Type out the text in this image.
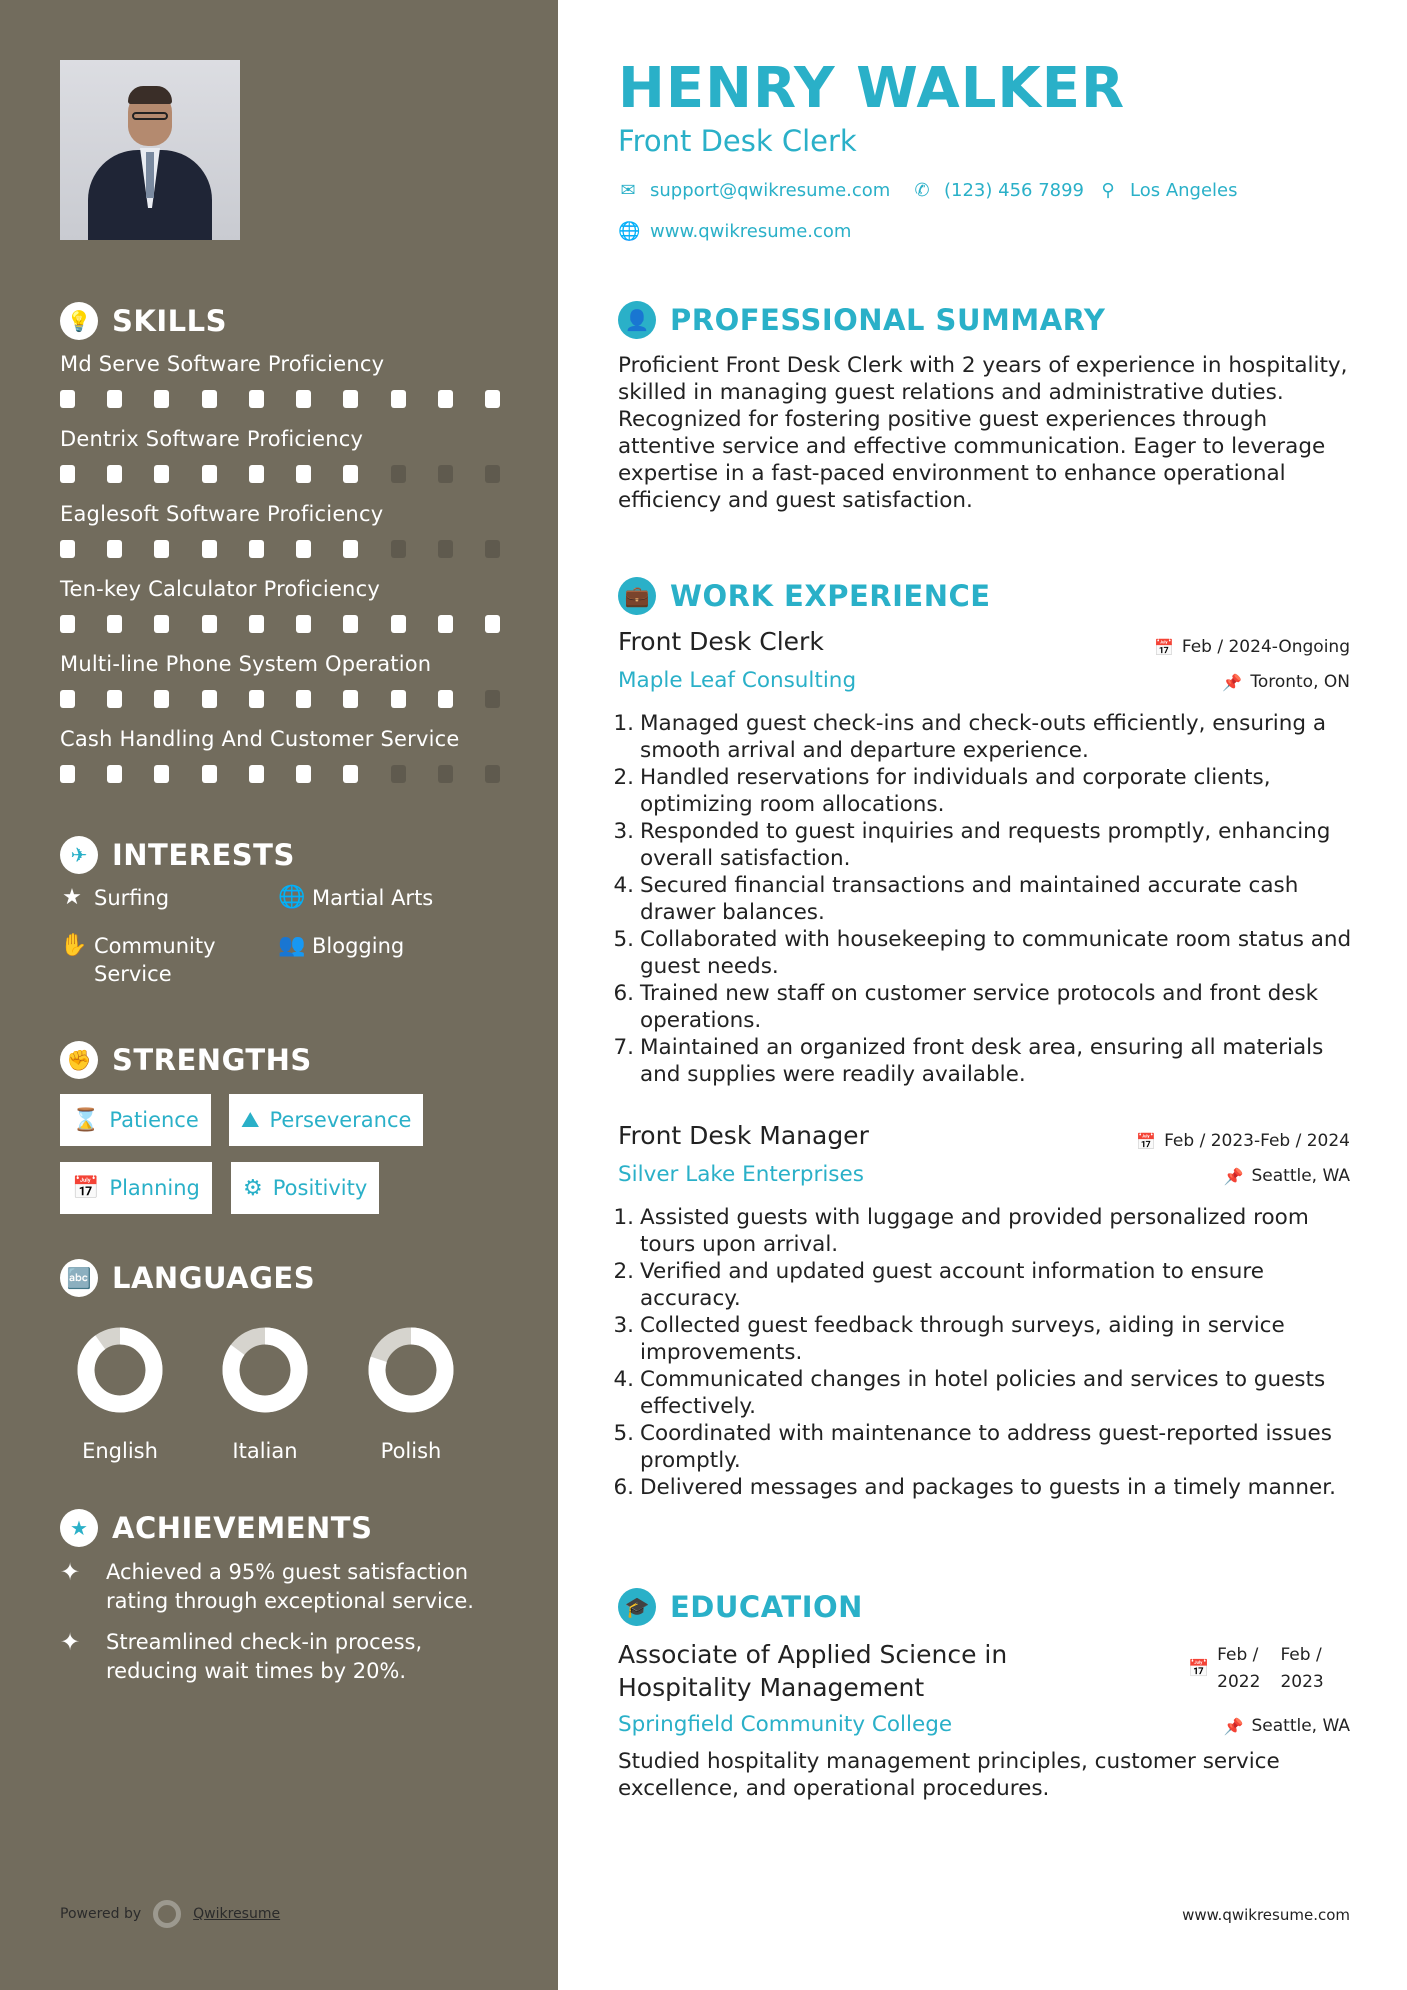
💡 SKILLS
Md Serve Software Proficiency
Dentrix Software Proficiency
Eaglesoft Software Proficiency
Ten-key Calculator Proficiency
Multi-line Phone System Operation
Cash Handling And Customer Service
✈ INTERESTS
★ Surfing	🌐 Martial Arts
✋ Community Service
👥 Blogging
✊ STRENGTHS
⌛ Patience ⛰ Perseverance
📅 Planning ⚙ Positivity
🔤 LANGUAGES
English	Italian	Polish
★ ACHIEVEMENTS
✦	Achieved a 95% guest satisfaction rating through exceptional service.
✦	Streamlined check-in process, reducing wait times by 20%.
Powered by	Qwikresume
HENRY WALKER
Front Desk Clerk
✉ support@qwikresume.com ✆ (123) 456 7899 ⚲ Los Angeles
🌐 www.qwikresume.com
👤 PROFESSIONAL SUMMARY
Proficient Front Desk Clerk with 2 years of experience in hospitality, skilled in managing guest relations and administrative duties. Recognized for fostering positive guest experiences through attentive service and effective communication. Eager to leverage expertise in a fast-paced environment to enhance operational efficiency and guest satisfaction.
💼 WORK EXPERIENCE
Front Desk Clerk	📅 Feb / 2024-Ongoing
Maple Leaf Consulting	📌 Toronto, ON
1. Managed guest check-ins and check-outs efficiently, ensuring a smooth arrival and departure experience.
2. Handled reservations for individuals and corporate clients, optimizing room allocations.
3. Responded to guest inquiries and requests promptly, enhancing overall satisfaction.
4. Secured financial transactions and maintained accurate cash drawer balances.
5. Collaborated with housekeeping to communicate room status and guest needs.
6. Trained new staff on customer service protocols and front desk operations.
7. Maintained an organized front desk area, ensuring all materials and supplies were readily available.
Front Desk Manager	📅 Feb / 2023-Feb / 2024
Silver Lake Enterprises	📌 Seattle, WA
1. Assisted guests with luggage and provided personalized room tours upon arrival.
2. Verified and updated guest account information to ensure accuracy.
3. Collected guest feedback through surveys, aiding in service improvements.
4. Communicated changes in hotel policies and services to guests effectively.
5. Coordinated with maintenance to address guest-reported issues promptly.
6. Delivered messages and packages to guests in a timely manner.
🎓 EDUCATION
Associate of Applied Science in
Hospitality Management
📅
Feb /
2022
Feb /
2023
Springfield Community College	📌 Seattle, WA
Studied hospitality management principles, customer service excellence, and operational procedures.
www.qwikresume.com
